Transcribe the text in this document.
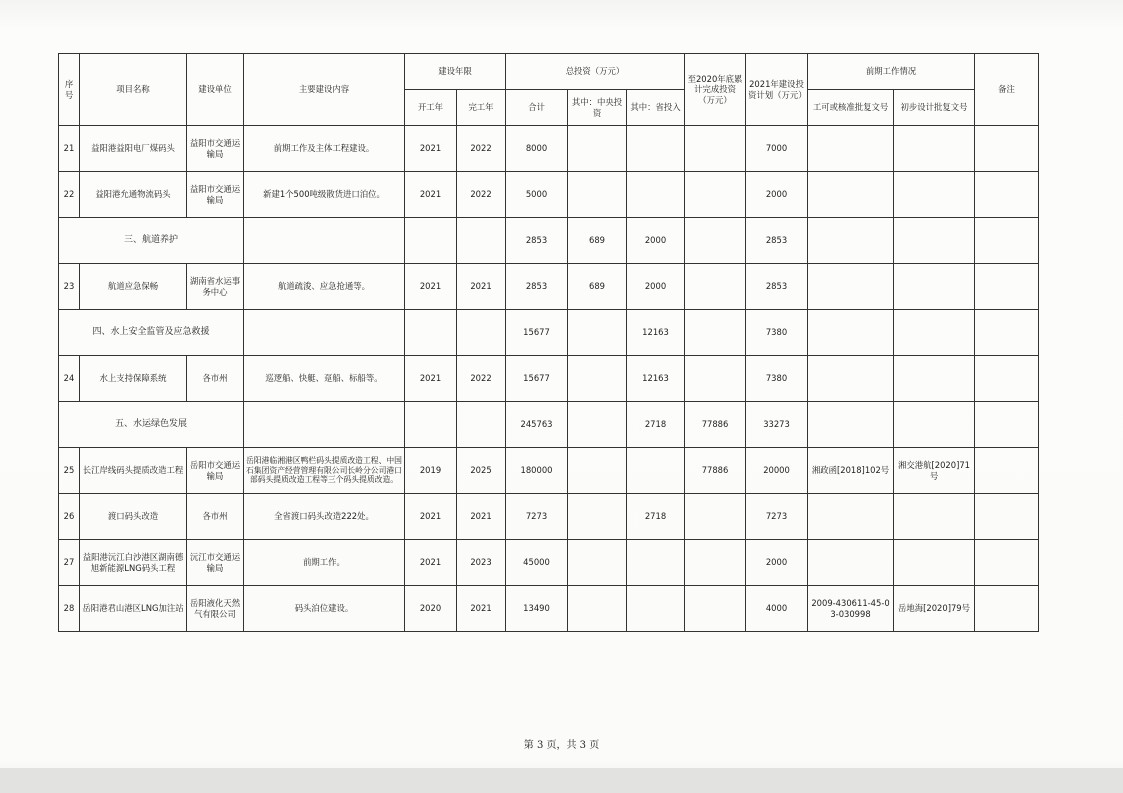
序号	项目名称	建设单位	主要建设内容	建设年限		总投资（万元）			至2020年底累计完成投资（万元）	2021年建设投资计划（万元）	前期工作情况		备注
				开工年	完工年	合计	其中：中央投资	其中：省投入			工可或核准批复文号	初步设计批复文号	
21	益阳港益阳电厂煤码头	益阳市交通运输局	前期工作及主体工程建设。	2021	2022	8000				7000			
22	益阳港允通物流码头	益阳市交通运输局	新建1个500吨级散货进口泊位。	2021	2022	5000				2000			
三、航道养护						2853	689	2000		2853			
23	航道应急保畅	湖南省水运事务中心	航道疏浚、应急抢通等。	2021	2021	2853	689	2000		2853			
四、水上安全监管及应急救援						15677		12163		7380			
24	水上支持保障系统	各市州	巡逻船、快艇、趸船、标船等。	2021	2022	15677		12163		7380			
五、水运绿色发展						245763		2718	77886	33273			
25	长江岸线码头提质改造工程	岳阳市交通运输局	岳阳港临湘港区鸭栏码头提质改造工程、中国石集团资产经营管理有限公司长岭分公司港口部码头提质改造工程等三个码头提质改造。	2019	2025	180000			77886	20000	湘政函[2018]102号	湘交港航[2020]71号	
26	渡口码头改造	各市州	全省渡口码头改造222处。	2021	2021	7273		2718		7273			
27	益阳港沅江白沙港区湖南德旭新能源LNG码头工程	沅江市交通运输局	前期工作。	2021	2023	45000				2000			
28	岳阳港君山港区LNG加注站	岳阳液化天然气有限公司	码头泊位建设。	2020	2021	13490				4000	2009-430611-45-03-030998	岳地海[2020]79号	
第 3 页，共 3 页
